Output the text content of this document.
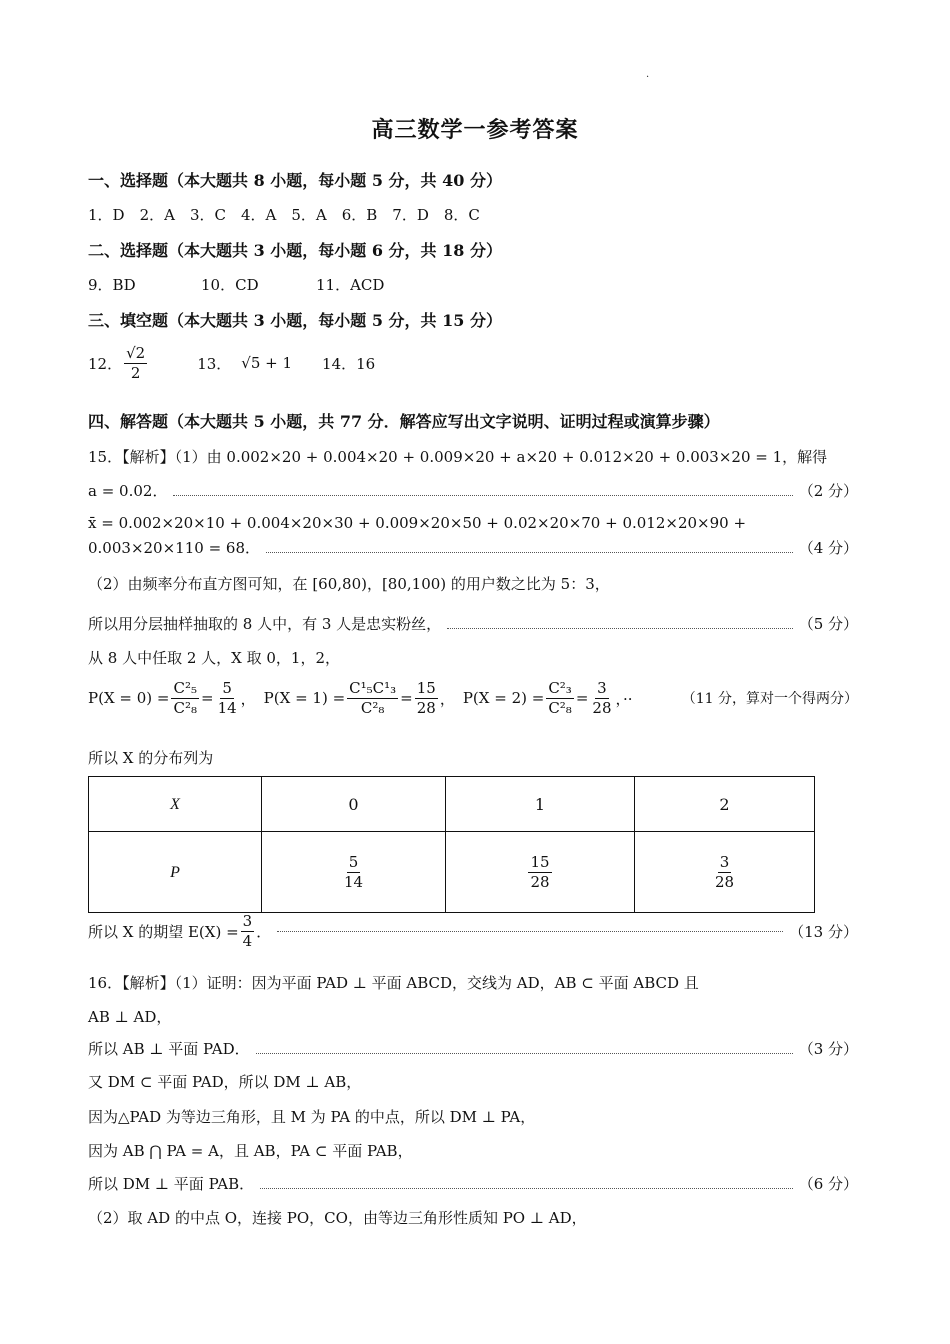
·
高三数学一参考答案
一、选择题（本大题共 8 小题，每小题 5 分，共 40 分）
1．D　2．A　3．C　4．A　5．A　6．B　7．D　8．C
二、选择题（本大题共 3 小题，每小题 6 分，共 18 分）
9．BD	10．CD	11．ACD
三、填空题（本大题共 3 小题，每小题 5 分，共 15 分）
12． $\frac{√2}{2}$	13． √5 + 1 14．16
四、解答题（本大题共 5 小题，共 77 分．解答应写出文字说明、证明过程或演算步骤）
15．【解析】（1）由 0.002×20 + 0.004×20 + 0.009×20 + a×20 + 0.012×20 + 0.003×20 = 1，解得
a = 0.02．	（2 分）
x̄ = 0.002×20×10 + 0.004×20×30 + 0.009×20×50 + 0.02×20×70 + 0.012×20×90 +
0.003×20×110 = 68．	（4 分）
（2）由频率分布直方图可知，在 [60,80)，[80,100) 的用户数之比为 5：3，
所以用分层抽样抽取的 8 人中，有 3 人是忠实粉丝，	（5 分）
从 8 人中任取 2 人，X 取 0，1，2，
$P(X = 0) = \frac{\text{C²₅}}{\text{C²₈}} = \frac{5}{14}$ ， $P(X = 1) = \frac{\text{C¹₅C¹₃}}{\text{C²₈}} = \frac{15}{28}$ ， $P(X = 2) = \frac{\text{C²₃}}{\text{C²₈}} = \frac{3}{28}$ ，··	（11 分，算对一个得两分）
所以 X 的分布列为
X	0	1	2
P	$\frac{5}{14}$	$\frac{15}{28}$	$\frac{3}{28}$
所以 X 的期望 $E(X) = \frac{3}{4}$ ．	（13 分）
16．【解析】（1）证明：因为平面 PAD ⊥ 平面 ABCD，交线为 AD，AB ⊂ 平面 ABCD 且
AB ⊥ AD，
所以 AB ⊥ 平面 PAD．	（3 分）
又 DM ⊂ 平面 PAD，所以 DM ⊥ AB，
因为△PAD 为等边三角形，且 M 为 PA 的中点，所以 DM ⊥ PA，
因为 AB ⋂ PA = A，且 AB，PA ⊂ 平面 PAB，
所以 DM ⊥ 平面 PAB．	（6 分）
（2）取 AD 的中点 O，连接 PO，CO，由等边三角形性质知 PO ⊥ AD，
